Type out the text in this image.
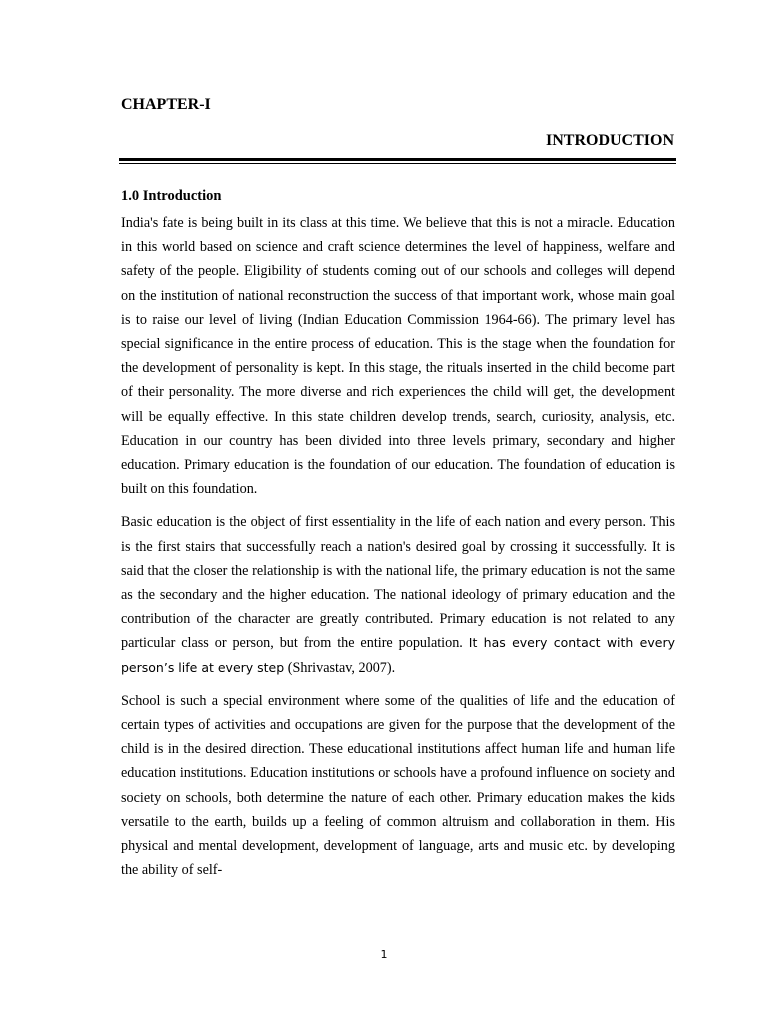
CHAPTER-I

INTRODUCTION

1.0 Introduction

India's fate is being built in its class at this time. We believe that this is not a miracle. Education in this world based on science and craft science determines the level of happiness, welfare and safety of the people. Eligibility of students coming out of our schools and colleges will depend on the institution of national reconstruction the success of that important work, whose main goal is to raise our level of living (Indian Education Commission 1964-66). The primary level has special significance in the entire process of education. This is the stage when the foundation for the development of personality is kept. In this stage, the rituals inserted in the child become part of their personality. The more diverse and rich experiences the child will get, the development will be equally effective. In this state children develop trends, search, curiosity, analysis, etc. Education in our country has been divided into three levels primary, secondary and higher education. Primary education is the foundation of our education. The foundation of education is built on this foundation.

Basic education is the object of first essentiality in the life of each nation and every person. This is the first stairs that successfully reach a nation's desired goal by crossing it successfully. It is said that the closer the relationship is with the national life, the primary education is not the same as the secondary and the higher education. The national ideology of primary education and the contribution of the character are greatly contributed. Primary education is not related to any particular class or person, but from the entire population. It has every contact with every person’s life at every step (Shrivastav, 2007).

School is such a special environment where some of the qualities of life and the education of certain types of activities and occupations are given for the purpose that the development of the child is in the desired direction. These educational institutions affect human life and human life education institutions. Education institutions or schools have a profound influence on society and society on schools, both determine the nature of each other. Primary education makes the kids versatile to the earth, builds up a feeling of common altruism and collaboration in them. His physical and mental development, development of language, arts and music etc. by developing the ability of self-

1
